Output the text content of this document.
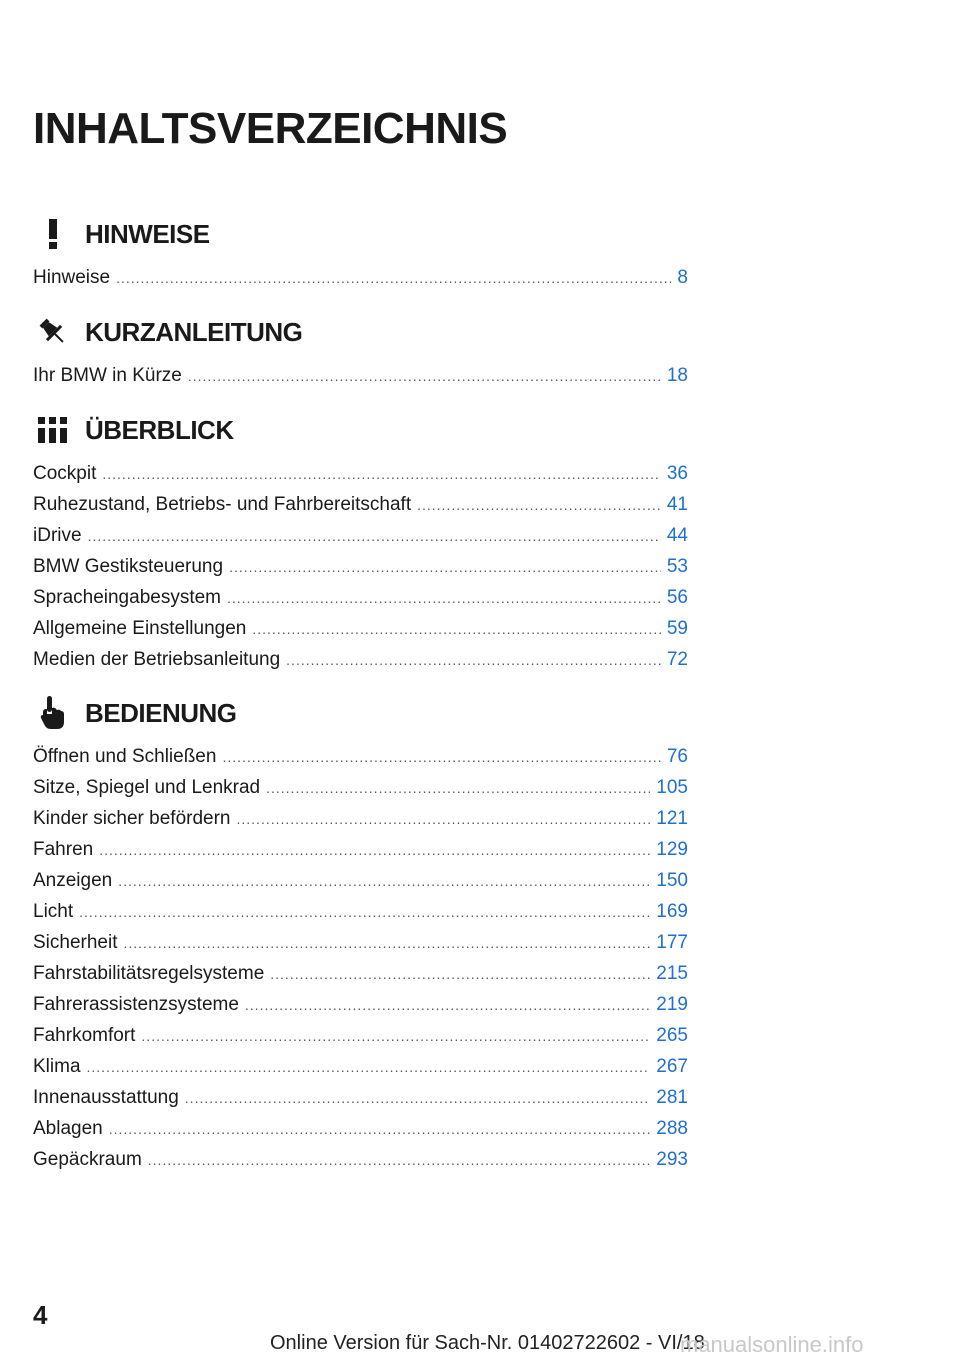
INHALTSVERZEICHNIS
HINWEISE
Hinweise .....	8
KURZANLEITUNG
Ihr BMW in Kürze .....	18
ÜBERBLICK
Cockpit .....	36
Ruhezustand, Betriebs- und Fahrbereitschaft .....	41
iDrive .....	44
BMW Gestiksteuerung .....	53
Spracheingabesystem .....	56
Allgemeine Einstellungen .....	59
Medien der Betriebsanleitung .....	72
BEDIENUNG
Öffnen und Schließen .....	76
Sitze, Spiegel und Lenkrad .....	105
Kinder sicher befördern .....	121
Fahren .....	129
Anzeigen .....	150
Licht .....	169
Sicherheit .....	177
Fahrstabilitätsregelsysteme .....	215
Fahrerassistenzsysteme .....	219
Fahrkomfort .....	265
Klima .....	267
Innenausstattung .....	281
Ablagen .....	288
Gepäckraum .....	293
4
Online Version für Sach-Nr. 01402722602 - VI/18
manualsonline.info
